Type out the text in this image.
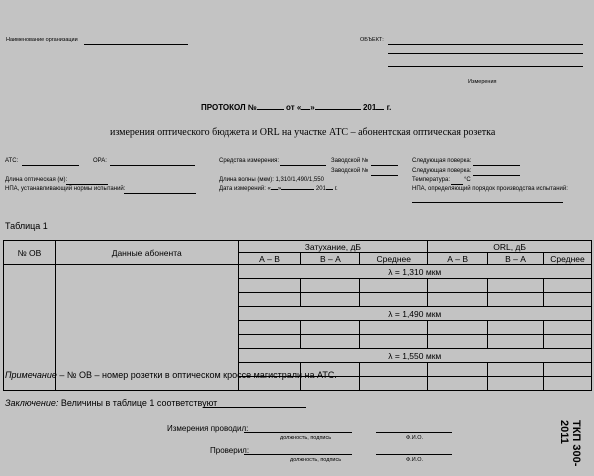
Наименование организации	ОБЪЕКТ:
Измерения
ПРОТОКОЛ №	от « »	201 г.
измерения оптического бюджета и ORL на участке АТС – абонентская оптическая розетка
АТС:	ОРА:	Средства измерения:	Заводской №	Следующая поверка:
Заводской №	Следующая поверка:
Длина оптическая (м):	Длина волны (мкм): 1,310/1,490/1,550	Температура: °С
НПА, устанавливающий нормы испытаний:	Дата измерений: « »	201 г.	НПА, определяющий порядок производства испытаний:
Таблица 1
№ ОВ	Данные абонента	Затухание, дБ			ORL, дБ		
		А – В	В – А	Среднее	А – В	В – А	Среднее
		λ = 1,310 мкм					

		λ = 1,490 мкм					

		λ = 1,550 мкм					

Примечание – № ОВ – номер розетки в оптическом кроссе магистрали на АТС.
Заключение: Величины в таблице 1 соответствуют
Измерения проводил:
должность, подпись	Ф.И.О.
Проверил:
должность, подпись	Ф.И.О.	ТКП 300-2011
